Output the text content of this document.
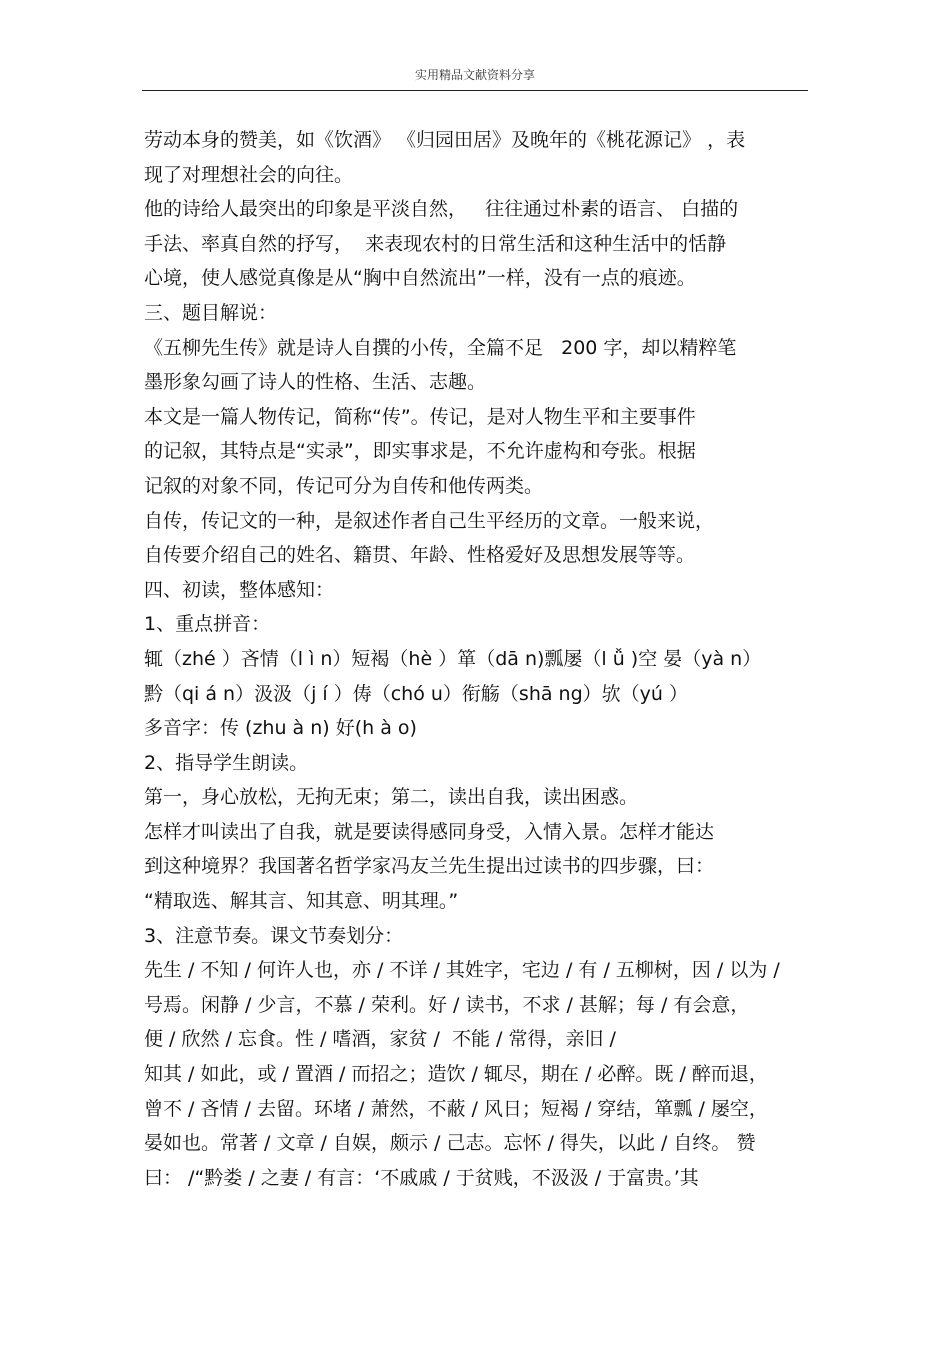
实用精品文献资料分享
劳动本身的赞美，如《饮酒》 《归园田居》及晚年的《桃花源记》 ，表
现了对理想社会的向往。
他的诗给人最突出的印象是平淡自然，   往往通过朴素的语言、 白描的
手法、率真自然的抒写，  来表现农村的日常生活和这种生活中的恬静
心境，使人感觉真像是从“胸中自然流出”一样，没有一点的痕迹。
三、题目解说：
《五柳先生传》就是诗人自撰的小传，全篇不足   200 字，却以精粹笔
墨形象勾画了诗人的性格、生活、志趣。
本文是一篇人物传记，简称“传”。传记，是对人物生平和主要事件
的记叙，其特点是“实录”，即实事求是，不允许虚构和夸张。根据
记叙的对象不同，传记可分为自传和他传两类。
自传，传记文的一种，是叙述作者自己生平经历的文章。一般来说，
自传要介绍自己的姓名、籍贯、年龄、性格爱好及思想发展等等。
四、初读，整体感知：
1、重点拼音：
辄（zhé ）吝情（l ì n）短褐（hè ）箪（dā n)瓢屡（l ǚ )空 晏（yà n）
黔（qi á n）汲汲（j í ）俦（chó u）衔觞（shā ng）欤（yú ）
多音字：传 (zhu à n) 好(h à o)
2、指导学生朗读。
第一，身心放松，无拘无束；第二，读出自我，读出困惑。
怎样才叫读出了自我，就是要读得感同身受，入情入景。怎样才能达
到这种境界？我国著名哲学家冯友兰先生提出过读书的四步骤，曰：
“精取选、解其言、知其意、明其理。”
3、注意节奏。课文节奏划分：
先生 / 不知 / 何许人也，亦 / 不详 / 其姓字，宅边 / 有 / 五柳树，因 / 以为 /
号焉。闲静 / 少言，不慕 / 荣利。好 / 读书，不求 / 甚解；每 / 有会意，
便 / 欣然 / 忘食。性 / 嗜酒，家贫 /  不能 / 常得，亲旧 /
知其 / 如此，或 / 置酒 / 而招之；造饮 / 辄尽，期在 / 必醉。既 / 醉而退，
曾不 / 吝情 / 去留。环堵 / 萧然，不蔽 / 风日；短褐 / 穿结，箪瓢 / 屡空，
晏如也。常著 / 文章 / 自娱，颇示 / 己志。忘怀 / 得失，以此 / 自终。 赞
曰： /“黔娄 / 之妻 / 有言：‘不戚戚 / 于贫贱，不汲汲 / 于富贵。’其
